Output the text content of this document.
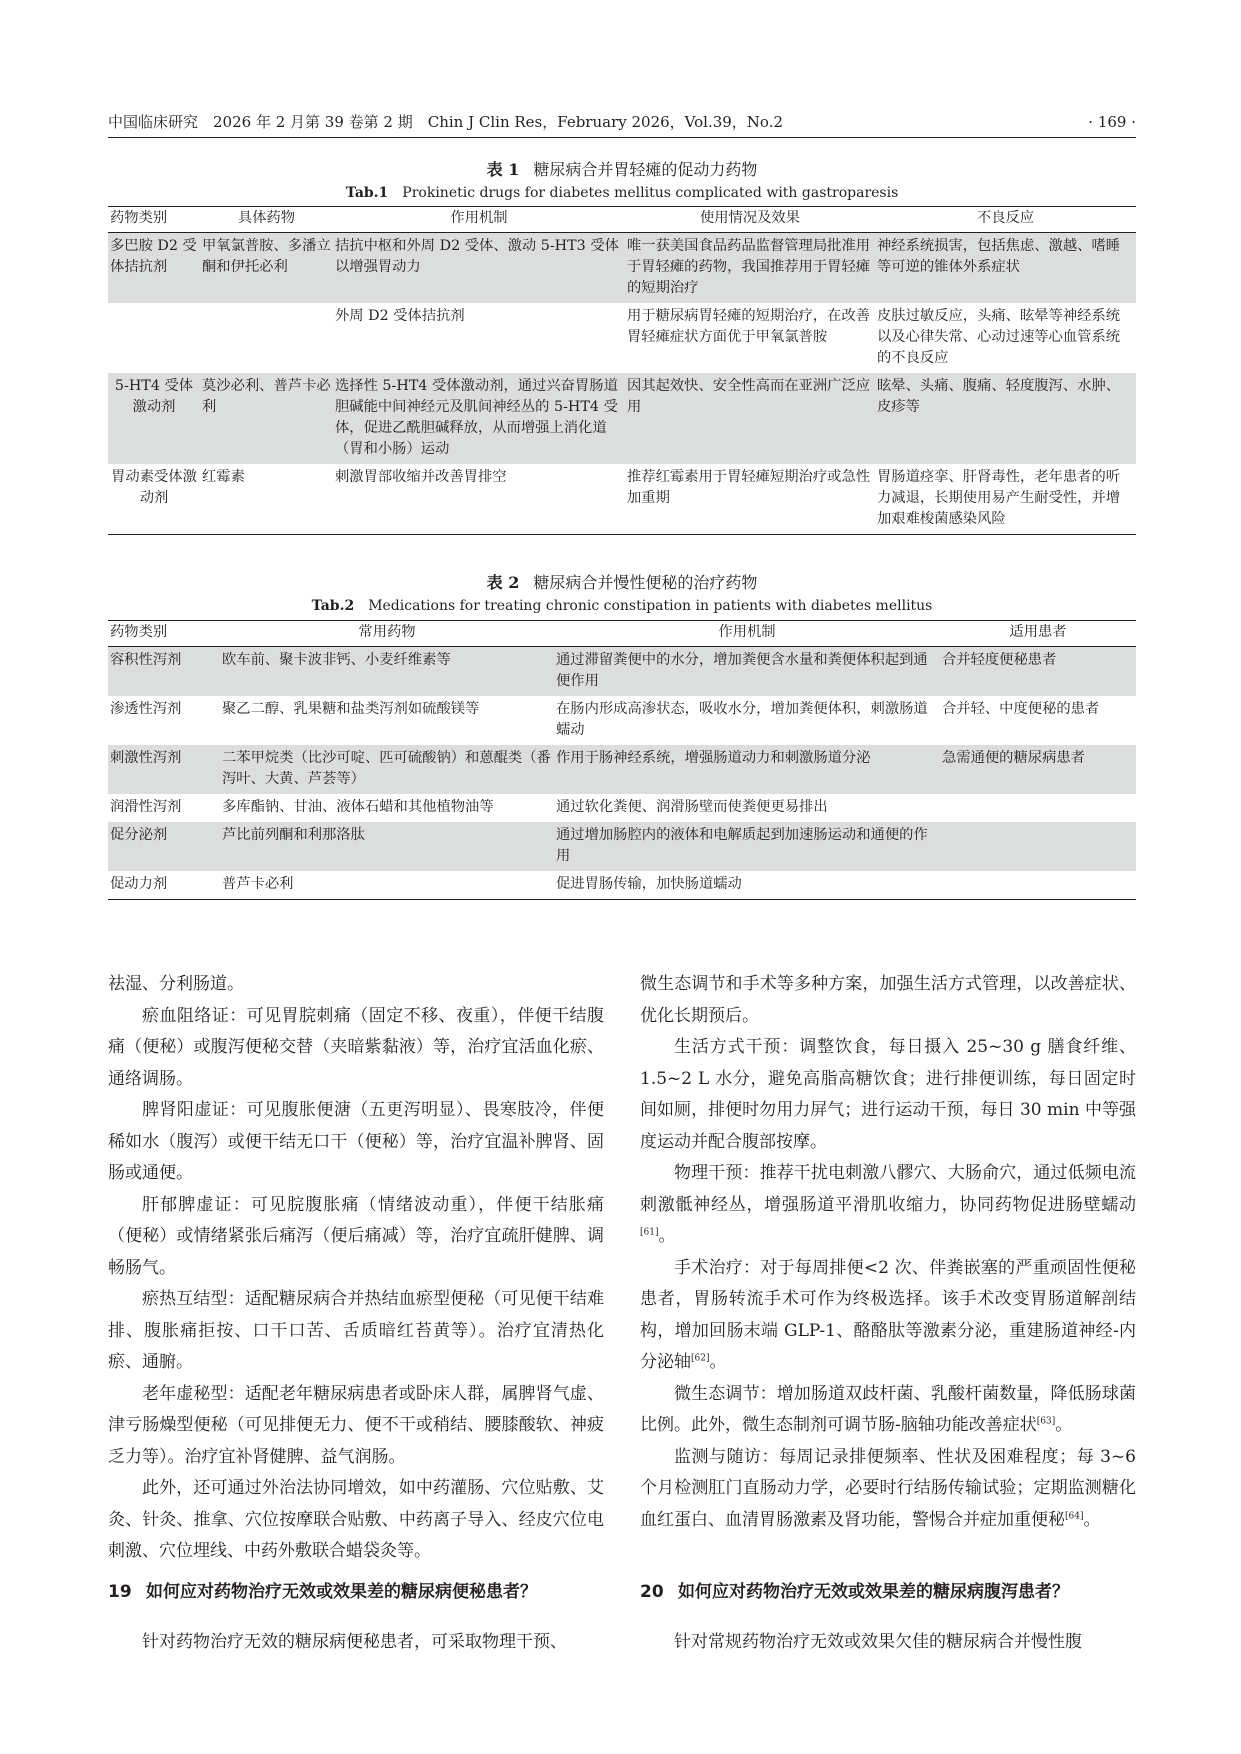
中国临床研究　2026 年 2 月第 39 卷第 2 期　Chin J Clin Res，February 2026，Vol.39，No.2	· 169 ·
表 1 糖尿病合并胃轻瘫的促动力药物
Tab.1 Prokinetic drugs for diabetes mellitus complicated with gastroparesis
药物类别	具体药物	作用机制	使用情况及效果	不良反应
多巴胺 D2 受体拮抗剂	甲氧氯普胺、多潘立酮和伊托必利	拮抗中枢和外周 D2 受体、激动 5-HT3 受体以增强胃动力	唯一获美国食品药品监督管理局批准用于胃轻瘫的药物，我国推荐用于胃轻瘫的短期治疗	神经系统损害，包括焦虑、激越、嗜睡等可逆的锥体外系症状
		外周 D2 受体拮抗剂	用于糖尿病胃轻瘫的短期治疗，在改善胃轻瘫症状方面优于甲氧氯普胺	皮肤过敏反应，头痛、眩晕等神经系统以及心律失常、心动过速等心血管系统的不良反应
5-HT4 受体激动剂	莫沙必利、普芦卡必利	选择性 5-HT4 受体激动剂，通过兴奋胃肠道胆碱能中间神经元及肌间神经丛的 5-HT4 受体，促进乙酰胆碱释放，从而增强上消化道（胃和小肠）运动	因其起效快、安全性高而在亚洲广泛应用	眩晕、头痛、腹痛、轻度腹泻、水肿、皮疹等
胃动素受体激动剂	红霉素	刺激胃部收缩并改善胃排空	推荐红霉素用于胃轻瘫短期治疗或急性加重期	胃肠道痉挛、肝肾毒性，老年患者的听力减退，长期使用易产生耐受性，并增加艰难梭菌感染风险
表 2 糖尿病合并慢性便秘的治疗药物
Tab.2 Medications for treating chronic constipation in patients with diabetes mellitus
药物类别	常用药物	作用机制	适用患者
容积性泻剂	欧车前、聚卡波非钙、小麦纤维素等	通过滞留粪便中的水分，增加粪便含水量和粪便体积起到通便作用	合并轻度便秘患者
渗透性泻剂	聚乙二醇、乳果糖和盐类泻剂如硫酸镁等	在肠内形成高渗状态，吸收水分，增加粪便体积，刺激肠道蠕动	合并轻、中度便秘的患者
刺激性泻剂	二苯甲烷类（比沙可啶、匹可硫酸钠）和蒽醌类（番泻叶、大黄、芦荟等）	作用于肠神经系统，增强肠道动力和刺激肠道分泌	急需通便的糖尿病患者
润滑性泻剂	多库酯钠、甘油、液体石蜡和其他植物油等	通过软化粪便、润滑肠壁而使粪便更易排出	
促分泌剂	芦比前列酮和利那洛肽	通过增加肠腔内的液体和电解质起到加速肠运动和通便的作用	
促动力剂	普芦卡必利	促进胃肠传输，加快肠道蠕动	

祛湿、分利肠道。

瘀血阻络证：可见胃脘刺痛（固定不移、夜重），伴便干结腹痛（便秘）或腹泻便秘交替（夹暗紫黏液）等，治疗宜活血化瘀、通络调肠。

脾肾阳虚证：可见腹胀便溏（五更泻明显）、畏寒肢冷，伴便稀如水（腹泻）或便干结无口干（便秘）等，治疗宜温补脾肾、固肠或通便。

肝郁脾虚证：可见脘腹胀痛（情绪波动重），伴便干结胀痛（便秘）或情绪紧张后痛泻（便后痛减）等，治疗宜疏肝健脾、调畅肠气。

瘀热互结型：适配糖尿病合并热结血瘀型便秘（可见便干结难排、腹胀痛拒按、口干口苦、舌质暗红苔黄等）。治疗宜清热化瘀、通腑。

老年虚秘型：适配老年糖尿病患者或卧床人群，属脾肾气虚、津亏肠燥型便秘（可见排便无力、便不干或稍结、腰膝酸软、神疲乏力等）。治疗宜补肾健脾、益气润肠。

此外，还可通过外治法协同增效，如中药灌肠、穴位贴敷、艾灸、针灸、推拿、穴位按摩联合贴敷、中药离子导入、经皮穴位电刺激、穴位埋线、中药外敷联合蜡袋灸等。

19 如何应对药物治疗无效或效果差的糖尿病便秘患者？

针对药物治疗无效的糖尿病便秘患者，可采取物理干预、

微生态调节和手术等多种方案，加强生活方式管理，以改善症状、优化长期预后。

生活方式干预：调整饮食，每日摄入 25~30 g 膳食纤维、1.5~2 L 水分，避免高脂高糖饮食；进行排便训练，每日固定时间如厕，排便时勿用力屏气；进行运动干预，每日 30 min 中等强度运动并配合腹部按摩。

物理干预：推荐干扰电刺激八髎穴、大肠俞穴，通过低频电流刺激骶神经丛，增强肠道平滑肌收缩力，协同药物促进肠壁蠕动[61]。

手术治疗：对于每周排便<2 次、伴粪嵌塞的严重顽固性便秘患者，胃肠转流手术可作为终极选择。该手术改变胃肠道解剖结构，增加回肠末端 GLP-1、酪酪肽等激素分泌，重建肠道神经-内分泌轴[62]。

微生态调节：增加肠道双歧杆菌、乳酸杆菌数量，降低肠球菌比例。此外，微生态制剂可调节肠-脑轴功能改善症状[63]。

监测与随访：每周记录排便频率、性状及困难程度；每 3~6 个月检测肛门直肠动力学，必要时行结肠传输试验；定期监测糖化血红蛋白、血清胃肠激素及肾功能，警惕合并症加重便秘[64]。

20 如何应对药物治疗无效或效果差的糖尿病腹泻患者？

针对常规药物治疗无效或效果欠佳的糖尿病合并慢性腹
